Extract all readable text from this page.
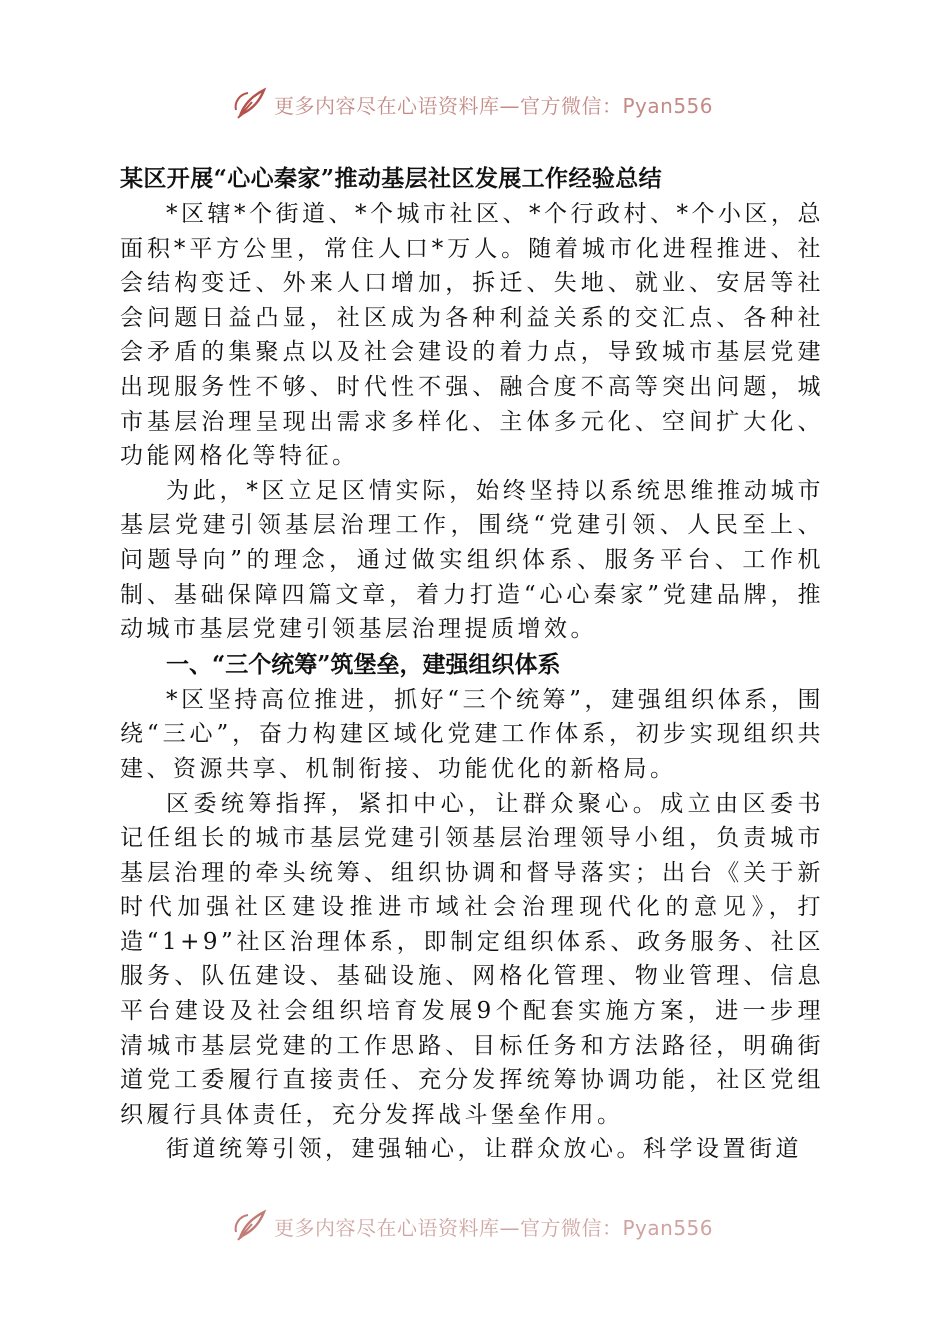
更多内容尽在心语资料库—官方微信：Pyan556
某区开展“心心秦家”推动基层社区发展工作经验总结

*区辖*个街道、*个城市社区、*个行政村、*个小区，总面积*平方公里，常住人口*万人。随着城市化进程推进、社会结构变迁、外来人口增加，拆迁、失地、就业、安居等社会问题日益凸显，社区成为各种利益关系的交汇点、各种社会矛盾的集聚点以及社会建设的着力点，导致城市基层党建出现服务性不够、时代性不强、融合度不高等突出问题，城市基层治理呈现出需求多样化、主体多元化、空间扩大化、功能网格化等特征。

为此，*区立足区情实际，始终坚持以系统思维推动城市基层党建引领基层治理工作，围绕“党建引领、人民至上、问题导向”的理念，通过做实组织体系、服务平台、工作机制、基础保障四篇文章，着力打造“心心秦家”党建品牌，推动城市基层党建引领基层治理提质增效。

一、“三个统筹”筑堡垒，建强组织体系

*区坚持高位推进，抓好“三个统筹”，建强组织体系，围绕“三心”，奋力构建区域化党建工作体系，初步实现组织共建、资源共享、机制衔接、功能优化的新格局。

区委统筹指挥，紧扣中心，让群众聚心。成立由区委书记任组长的城市基层党建引领基层治理领导小组，负责城市基层治理的牵头统筹、组织协调和督导落实；出台《关于新时代加强社区建设推进市域社会治理现代化的意见》，打造“1+9”社区治理体系，即制定组织体系、政务服务、社区服务、队伍建设、基础设施、网格化管理、物业管理、信息平台建设及社会组织培育发展9个配套实施方案，进一步理清城市基层党建的工作思路、目标任务和方法路径，明确街道党工委履行直接责任、充分发挥统筹协调功能，社区党组织履行具体责任，充分发挥战斗堡垒作用。

街道统筹引领，建强轴心，让群众放心。科学设置街道

更多内容尽在心语资料库—官方微信：Pyan556
